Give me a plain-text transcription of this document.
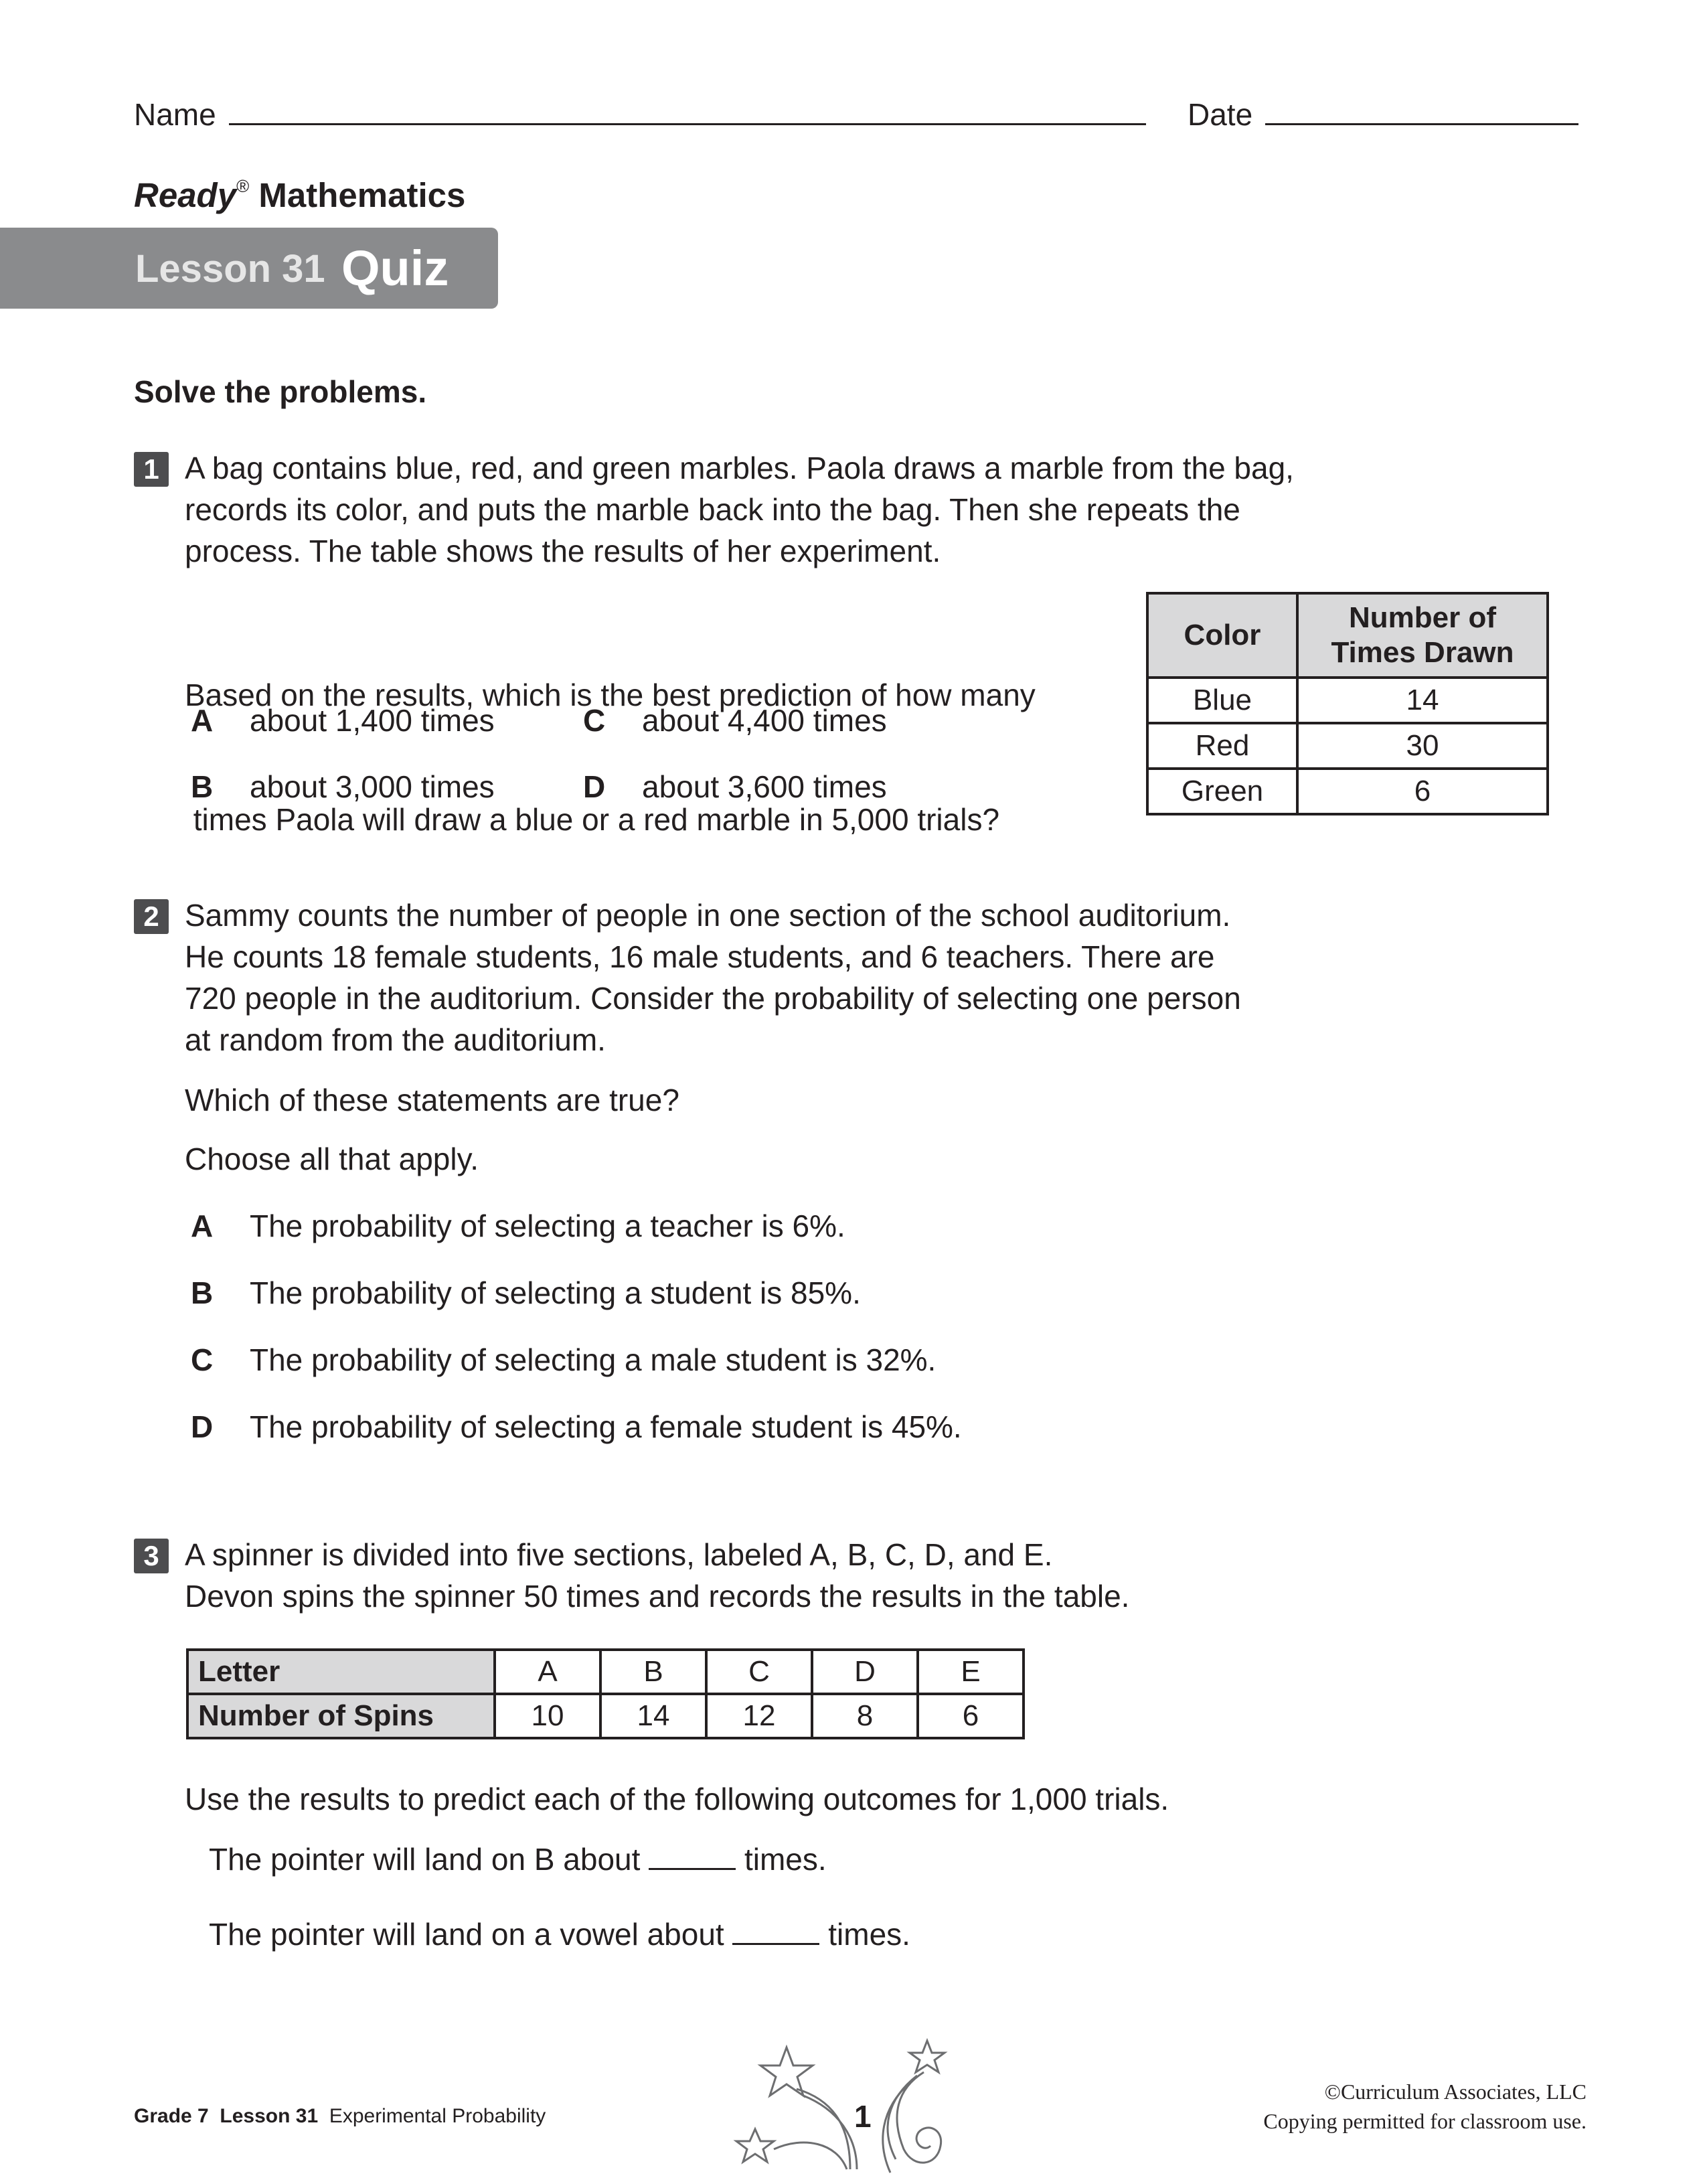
Name	Date
Ready® Mathematics
Lesson 31 Quiz
Solve the problems.
1 A bag contains blue, red, and green marbles. Paola draws a marble from the bag,
records its color, and puts the marble back into the bag. Then she repeats the
process. The table shows the results of her experiment.

Based on the results, which is the best prediction of how many

times Paola will draw a blue or a red marble in 5,000 trials?

A about 1,400 times	C about 4,400 times
B about 3,000 times	D about 3,600 times
Color	Number of
Times Drawn

Blue	14
Red	30
Green	6
2 Sammy counts the number of people in one section of the school auditorium.
He counts 18 female students, 16 male students, and 6 teachers. There are
720 people in the auditorium. Consider the probability of selecting one person
at random from the auditorium.
Which of these statements are true?
Choose all that apply.
A The probability of selecting a teacher is 6%.
B The probability of selecting a student is 85%.
C The probability of selecting a male student is 32%.
D The probability of selecting a female student is 45%.
3 A spinner is divided into five sections, labeled A, B, C, D, and E.
Devon spins the spinner 50 times and records the results in the table.
Letter	A	B	C	D	E
Number of Spins	10	14	12	8	6
Use the results to predict each of the following outcomes for 1,000 trials.
The pointer will land on B about	times.
The pointer will land on a vowel about	times.
Grade 7 Lesson 31 Experimental Probability	1
©Curriculum Associates, LLC
Copying permitted for classroom use.
